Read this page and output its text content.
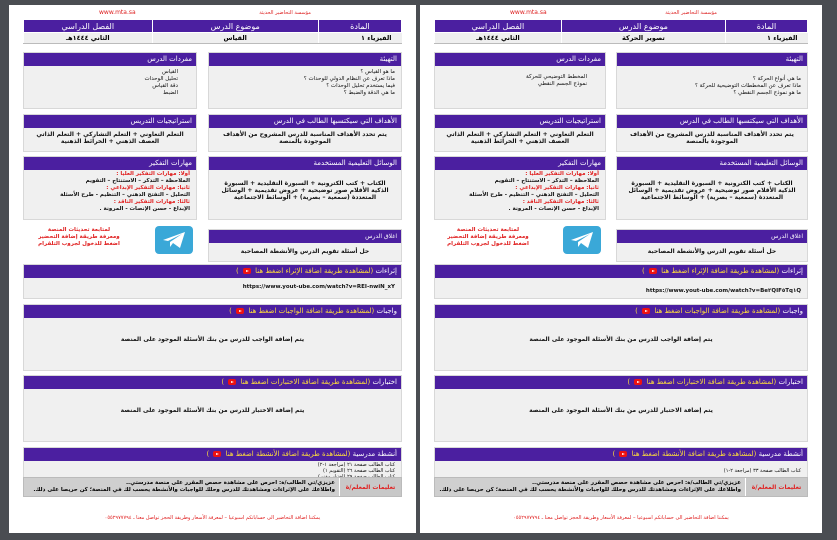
مؤسسة التحاضير الحديثة
www.mta.sa
المادة	موضوع الدرس	الفصل الدراسي
الفيزياء ١	القياس	الثاني ١٤٤٤هـ
التهيئة
ما هو القياس ؟
ماذا تعرف عن النظام الدولي للوحدات ؟
فيما يستخدم تحليل الوحدات ؟
ما هي الدقة والضبط ؟
مفردات الدرس
القياس
تحليل الوحدات
دقة القياس
الضبط
الأهداف التي سيكتسبها الطالب في الدرس
يتم تحدد الأهداف المناسبة للدرس المشروح من الأهداف الموجودة بالمنصة
استراتيجيات التدريس
التعلم التعاوني + التعلم التشاركي + التعلم الذاتي العصف الذهني + الخرائط الذهنية
الوسائل التعليمية المستخدمة
الكتاب + كتب الكترونية + السبورة التقليدية + السبورة الذكية الأقلام صور توضيحية + عروض تقديمية + الوسائل المتعددة (سمعية – بصرية) + الوسائط الاجتماعية
مهارات التفكير
أولا: مهارات التفكير العليا :
الملاحظة – التذكر – الاستنتاج – التقويم
ثانيا: مهارات التفكير الإبداعي :
التحليل – التفتح الذهني – التنظيم - طرح الأسئلة
ثالثا: مهارات التفكير الناقد :
الإبداع - حسن الإنصات - المرونة .
اغلاق الدرس
حل أسئلة تقويم الدرس والأنشطة المصاحبة
لمتابعة تحديثات المنصة
ومعرفة طريقة إضافة التحضير
اضغط للدخول لجروب التلقرام
إثراءات (لمشاهدة طريقة اضافة الإثراء اضغط هنا  )
https://www.yout-ube.com/watch?v=REI-nwiN_xY
واجبات (لمشاهدة طريقة اضافة الواجبات اضغط هنا  )
يتم إضافة الواجب للدرس من بنك الأسئلة الموجود على المنصة
اختبارات (لمشاهدة طريقة اضافة الاختبارات اضغط هنا  )
يتم إضافة الاختبار للدرس من بنك الأسئلة الموجود على المنصة
أنشطة مدرسية (لمشاهدة طريقة اضافة الأنشطة اضغط هنا  )
كتاب الطالب صفحة ٢١ (مراجعة ١-٢)
كتاب الطالب صفحة ٢٦ (التقويم ١)
تعليمات المعلم/ة
عزيزي/تي الطالب/ة: احرص على مشاهدة حصص المقرر على منصة مدرستي..
واطلاعك على الإثراءات ومشاهدتك للدرس وحلك للواجبات والأنشطة يحسب لك في المنصة؛ كن حريصا على ذلك.
يمكننا اضافة التحاضير الى حساباتكم اسبوعيا – لمعرفة الأسعار وطريقة الحجز تواصل معنا ـ ٠٥٥٢٩٧٧٧٩٤
مؤسسة التحاضير الحديثة
www.mta.sa
المادة	موضوع الدرس	الفصل الدراسي
الفيزياء ١	تصوير الحركة	الثاني ١٤٤٤هـ
التهيئة
ما هي أنواع الحركة ؟
ماذا تعرف عن المخططات التوضيحية للحركة ؟
ما هو نموذج الجسم النقطي ؟
مفردات الدرس
المخطط التوضيحي للحركة
نموذج الجسم النقطي
الأهداف التي سيكتسبها الطالب في الدرس
يتم تحدد الأهداف المناسبة للدرس المشروح من الأهداف الموجودة بالمنصة
استراتيجيات التدريس
التعلم التعاوني + التعلم التشاركي + التعلم الذاتي العصف الذهني + الخرائط الذهنية
الوسائل التعليمية المستخدمة
الكتاب + كتب الكترونية + السبورة التقليدية + السبورة الذكية الأقلام صور توضيحية + عروض تقديمية + الوسائل المتعددة (سمعية – بصرية) + الوسائط الاجتماعية
مهارات التفكير
أولا: مهارات التفكير العليا :
الملاحظة – التذكر – الاستنتاج – التقويم
ثانيا: مهارات التفكير الإبداعي :
التحليل – التفتح الذهني – التنظيم - طرح الأسئلة
ثالثا: مهارات التفكير الناقد :
الإبداع - حسن الإنصات - المرونة .
اغلاق الدرس
حل أسئلة تقويم الدرس والأنشطة المصاحبة
لمتابعة تحديثات المنصة
ومعرفة طريقة إضافة التحضير
اضغط للدخول لجروب التلقرام
إثراءات (لمشاهدة طريقة اضافة الإثراء اضغط هنا  )
https://www.yout-ube.com/watch?v=Be٢QIF٥Tq١Q
واجبات (لمشاهدة طريقة اضافة الواجبات اضغط هنا  )
يتم إضافة الواجب للدرس من بنك الأسئلة الموجود على المنصة
اختبارات (لمشاهدة طريقة اضافة الاختبارات اضغط هنا  )
يتم إضافة الاختبار للدرس من بنك الأسئلة الموجود على المنصة
أنشطة مدرسية (لمشاهدة طريقة اضافة الأنشطة اضغط هنا  )
كتاب الطالب صفحة ٣٣ (مراجعة ٢-١)
تعليمات المعلم/ة
عزيزي/تي الطالب/ة: احرص على مشاهدة حصص المقرر على منصة مدرستي..
واطلاعك على الإثراءات ومشاهدتك للدرس وحلك للواجبات والأنشطة يحسب لك في المنصة؛ كن حريصا على ذلك.
يمكننا اضافة التحاضير الى حساباتكم اسبوعيا – لمعرفة الأسعار وطريقة الحجز تواصل معنا ـ ٠٥٥٢٩٧٧٧٩٤
